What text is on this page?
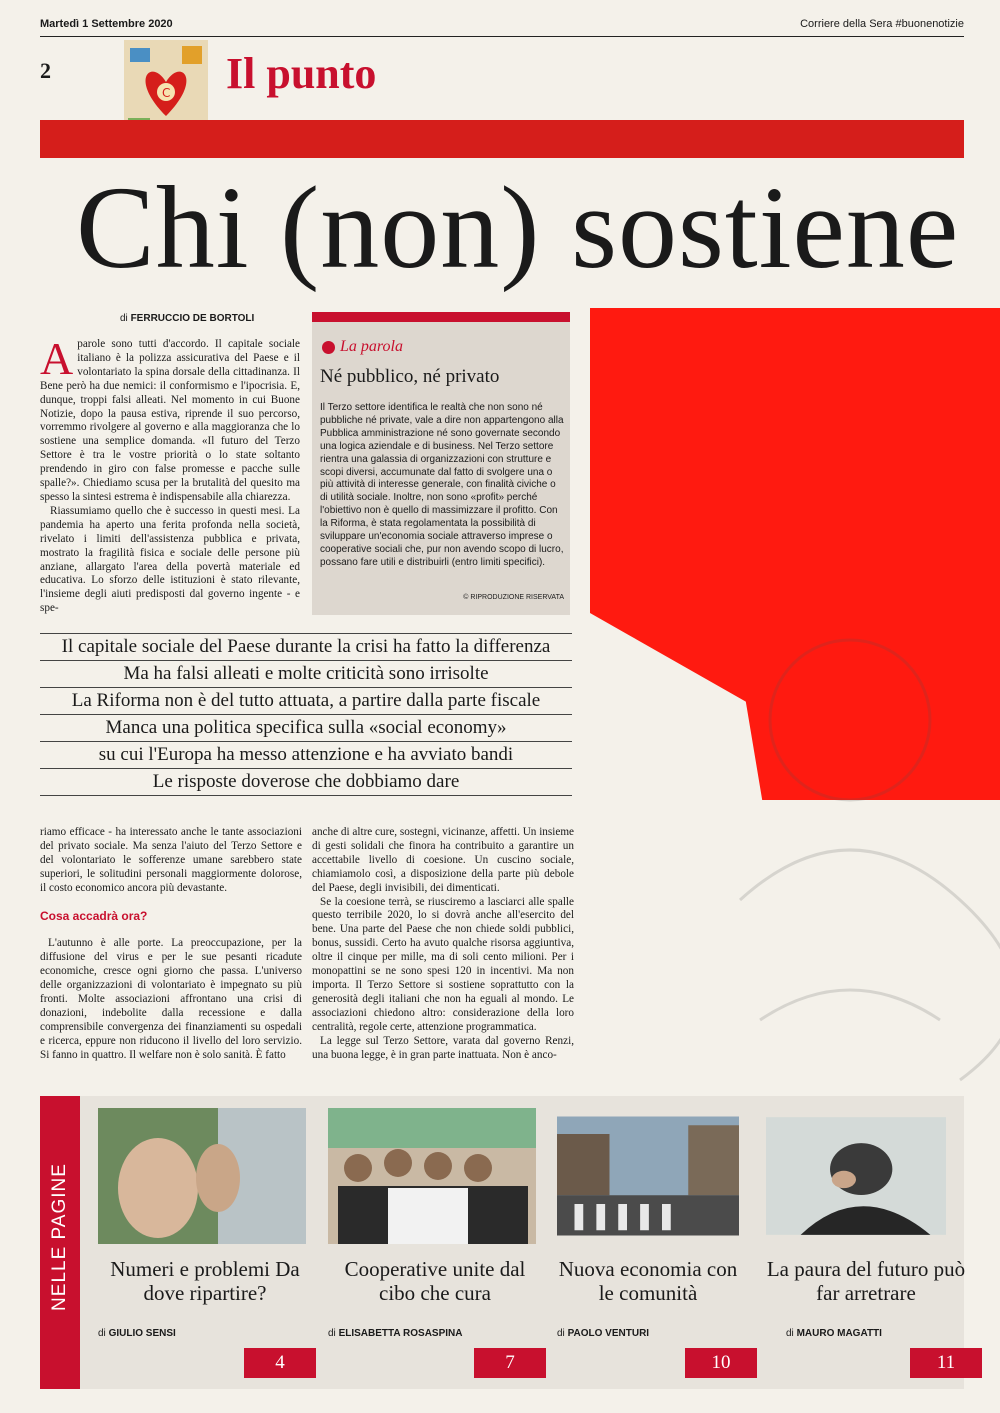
Martedì 1 Settembre 2020	Corriere della Sera #buonenotizie
2
C Il punto
Chi (non) sostiene
di FERRUCCIO DE BORTOLI
A parole sono tutti d'accordo. Il capitale sociale italiano è la polizza assicurativa del Paese e il volontariato la spina dorsale della cittadinanza. Il Bene però ha due nemici: il conformismo e l'ipocrisia. E, dunque, troppi falsi alleati. Nel momento in cui Buone Notizie, dopo la pausa estiva, riprende il suo percorso, vorremmo rivolgere al governo e alla maggioranza che lo sostiene una semplice domanda. «Il futuro del Terzo Settore è tra le vostre priorità o lo state soltanto prendendo in giro con false promesse e pacche sulle spalle?». Chiediamo scusa per la brutalità del quesito ma spesso la sintesi estrema è indispensabile alla chiarezza.
Riassumiamo quello che è successo in questi mesi. La pandemia ha aperto una ferita profonda nella società, rivelato i limiti dell'assistenza pubblica e privata, mostrato la fragilità fisica e sociale delle persone più anziane, allargato l'area della povertà materiale ed educativa. Lo sforzo delle istituzioni è stato rilevante, l'insieme degli aiuti predisposti dal governo ingente - e spe-
La parola
Né pubblico, né privato
Il Terzo settore identifica le realtà che non sono né pubbliche né private, vale a dire non appartengono alla Pubblica amministrazione né sono governate secondo una logica aziendale e di business. Nel Terzo settore rientra una galassia di organizzazioni con strutture e scopi diversi, accumunate dal fatto di svolgere una o più attività di interesse generale, con finalità civiche o di utilità sociale. Inoltre, non sono «profit» perché l'obiettivo non è quello di massimizzare il profitto. Con la Riforma, è stata regolamentata la possibilità di sviluppare un'economia sociale attraverso imprese o cooperative sociali che, pur non avendo scopo di lucro, possano fare utili e distribuirli (entro limiti specifici).
© RIPRODUZIONE RISERVATA
Il capitale sociale del Paese durante la crisi ha fatto la differenza
Ma ha falsi alleati e molte criticità sono irrisolte
La Riforma non è del tutto attuata, a partire dalla parte fiscale
Manca una politica specifica sulla «social economy»
su cui l'Europa ha messo attenzione e ha avviato bandi
Le risposte doverose che dobbiamo dare
riamo efficace - ha interessato anche le tante associazioni del privato sociale. Ma senza l'aiuto del Terzo Settore e del volontariato le sofferenze umane sarebbero state superiori, le solitudini personali maggiormente dolorose, il costo economico ancora più devastante.
Cosa accadrà ora?
L'autunno è alle porte. La preoccupazione, per la diffusione del virus e per le sue pesanti ricadute economiche, cresce ogni giorno che passa. L'universo delle organizzazioni di volontariato è impegnato su più fronti. Molte associazioni affrontano una crisi di donazioni, indebolite dalla recessione e dalla comprensibile convergenza dei finanziamenti su ospedali e ricerca, eppure non riducono il livello del loro servizio. Si fanno in quattro. Il welfare non è solo sanità. È fatto
anche di altre cure, sostegni, vicinanze, affetti. Un insieme di gesti solidali che finora ha contribuito a garantire un accettabile livello di coesione. Un cuscino sociale, chiamiamolo così, a disposizione della parte più debole del Paese, degli invisibili, dei dimenticati.
Se la coesione terrà, se riusciremo a lasciarci alle spalle questo terribile 2020, lo si dovrà anche all'esercito del bene. Una parte del Paese che non chiede soldi pubblici, bonus, sussidi. Certo ha avuto qualche risorsa aggiuntiva, oltre il cinque per mille, ma di soli cento milioni. Per i monopattini se ne sono spesi 120 in incentivi. Ma non importa. Il Terzo Settore si sostiene soprattutto con la generosità degli italiani che non ha eguali al mondo. Le associazioni chiedono altro: considerazione della loro centralità, regole certe, attenzione programmatica.
La legge sul Terzo Settore, varata dal governo Renzi, una buona legge, è in gran parte inattuata. Non è anco-
NELLE PAGINE	Numeri e problemi Da dove ripartire?
di GIULIO SENSI
4
Cooperative unite dal cibo che cura
di ELISABETTA ROSASPINA
7
Nuova economia con le comunità
di PAOLO VENTURI
10
La paura del futuro può far arretrare
di MAURO MAGATTI
11
